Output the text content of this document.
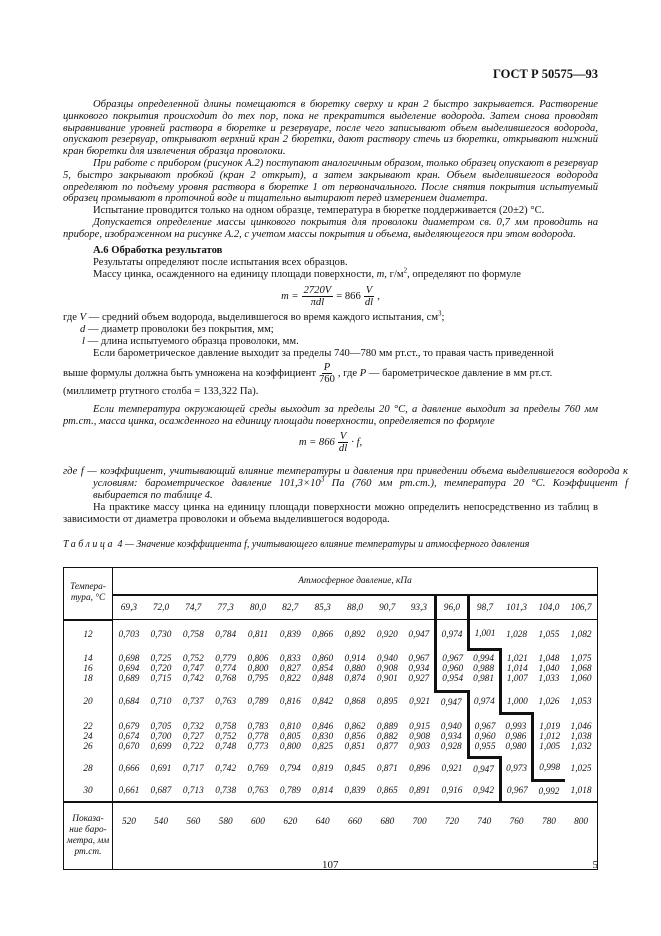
ГОСТ Р 50575—93

Образцы определенной длины помещаются в бюретку сверху и кран 2 быстро закрывается. Растворение цинкового покрытия происходит до тех пор, пока не прекратится выделение водорода. Затем снова проводят выравнивание уровней раствора в бюретке и резервуаре, после чего записывают объем выделившегося водорода, опускают резервуар, открывают верхний кран 2 бюретки, дают раствору стечь из бюретки, открывают нижний кран бюретки для извлечения образца проволоки.

При работе с прибором (рисунок А.2) поступают аналогичным образом, только образец опускают в резервуар 5, быстро закрывают пробкой (кран 2 открыт), а затем закрывают кран. Объем выделившегося водорода определяют по подъему уровня раствора в бюретке 1 от первоначального. После снятия покрытия испытуемый образец промывают в проточной воде и тщательно вытирают перед измерением диаметра.

Испытание проводится только на одном образце, температура в бюретке поддерживается (20±2) °С.

Допускается определение массы цинкового покрытия для проволоки диаметром св. 0,7 мм проводить на приборе, изображенном на рисунке А.2, с учетом массы покрытия и объема, выделяющегося при этом водорода.

А.6 Обработка результатов

Результаты определяют после испытания всех образцов.

Массу цинка, осажденного на единицу площади поверхности, m, $г/м^2$, определяют по формуле

$m = \frac{2720V}{\text{πdl}} = 866 \frac{V}{dl}$ ,

где V — средний объем водорода, выделившегося во время каждого испытания, $см^3$;

d — диаметр проволоки без покрытия, мм;

l — длина испытуемого образца проволоки, мм.

Если барометрическое давление выходит за пределы 740—780 мм рт.ст., то правая часть приведенной

выше формулы должна быть умножена на коэффициент $\frac{P}{760}$ , где P — барометрическое давление в мм рт.ст.

(миллиметр ртутного столба = 133,322 Па).

Если температура окружающей среды выходит за пределы 20 °С, а давление выходит за пределы 760 мм рт.ст., масса цинка, осажденного на единицу площади поверхности, определяется по формуле

$m = 866 \frac{V}{dl} \cdot f$,

где f — коэффициент, учитывающий влияние температуры и давления при приведении объема выделившегося водорода к условиям: барометрическое давление $101,3\times 10^3$ Па (760 мм рт.ст.), температура 20 °С. Коэффициент f выбирается по таблице 4.

На практике массу цинка на единицу площади поверхности можно определить непосредственно из таблиц в зависимости от диаметра проволоки и объема выделившегося водорода.

Таблица 4 — Значение коэффициента f, учитывающего влияние температуры и атмосферного давления
Темпера-тура, °С	Атмосферное давление, кПа														
	69,3	72,0	74,7	77,3	80,0	82,7	85,3	88,0	90,7	93,3	96,0	98,7	101,3	104,0	106,7
12	0,703	0,730	0,758	0,784	0,811	0,839	0,866	0,892	0,920	0,947	0,974	1,001	1,028	1,055	1,082
14	0,698	0,725	0,752	0,779	0,806	0,833	0,860	0,914	0,940	0,967	0,967	0,994	1,021	1,048	1,075
16	0,694	0,720	0,747	0,774	0,800	0,827	0,854	0,880	0,908	0,934	0,960	0,988	1,014	1,040	1,068
18	0,689	0,715	0,742	0,768	0,795	0,822	0,848	0,874	0,901	0,927	0,954	0,981	1,007	1,033	1,060
20	0,684	0,710	0,737	0,763	0,789	0,816	0,842	0,868	0,895	0,921	0,947	0,974	1,000	1,026	1,053
22	0,679	0,705	0,732	0,758	0,783	0,810	0,846	0,862	0,889	0,915	0,940	0,967	0,993	1,019	1,046
24	0,674	0,700	0,727	0,752	0,778	0,805	0,830	0,856	0,882	0,908	0,934	0,960	0,986	1,012	1,038
26	0,670	0,699	0,722	0,748	0,773	0,800	0,825	0,851	0,877	0,903	0,928	0,955	0,980	1,005	1,032
28	0,666	0,691	0,717	0,742	0,769	0,794	0,819	0,845	0,871	0,896	0,921	0,947	0,973	0,998	1,025
30	0,661	0,687	0,713	0,738	0,763	0,789	0,814	0,839	0,865	0,891	0,916	0,942	0,967	0,992	1,018
Показа-ние баро-метра, мм рт.ст.	520	540	560	580	600	620	640	660	680	700	720	740	760	780	800
107	5
